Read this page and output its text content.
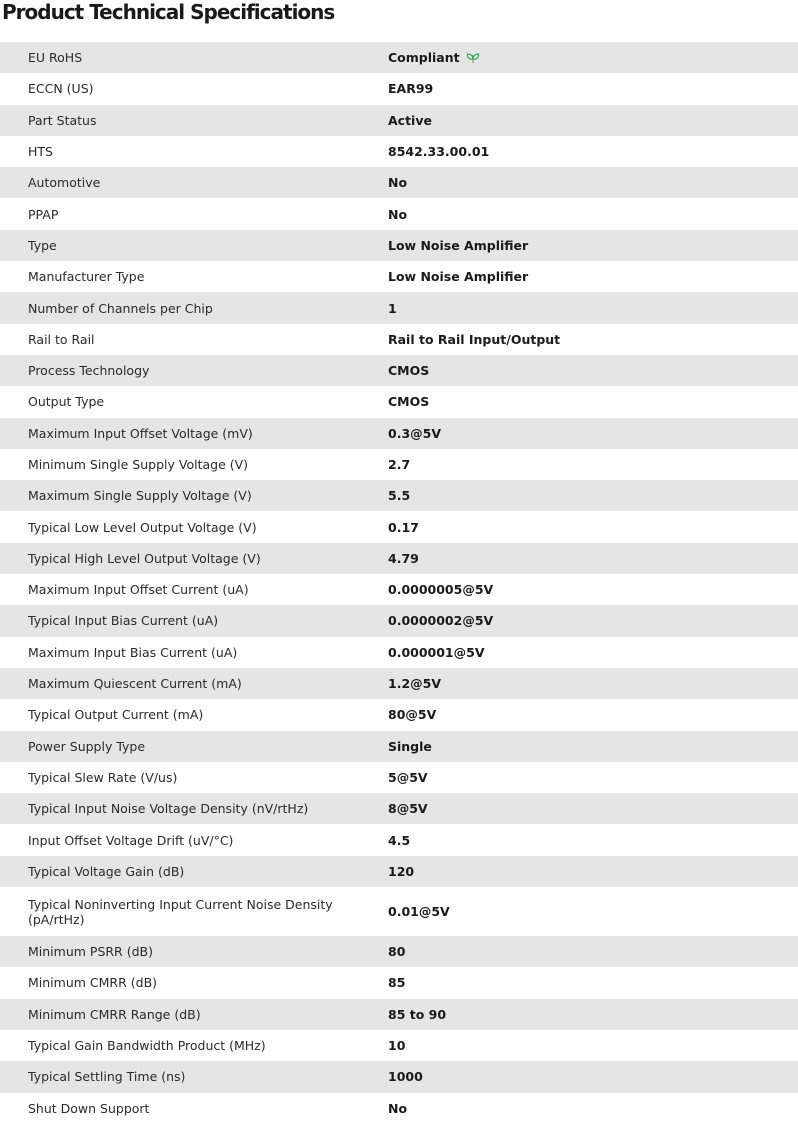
Product Technical Specifications
EU RoHS	Compliant
ECCN (US)	EAR99
Part Status	Active
HTS	8542.33.00.01
Automotive	No
PPAP	No
Type	Low Noise Amplifier
Manufacturer Type	Low Noise Amplifier
Number of Channels per Chip	1
Rail to Rail	Rail to Rail Input/Output
Process Technology	CMOS
Output Type	CMOS
Maximum Input Offset Voltage (mV)	0.3@5V
Minimum Single Supply Voltage (V)	2.7
Maximum Single Supply Voltage (V)	5.5
Typical Low Level Output Voltage (V)	0.17
Typical High Level Output Voltage (V)	4.79
Maximum Input Offset Current (uA)	0.0000005@5V
Typical Input Bias Current (uA)	0.0000002@5V
Maximum Input Bias Current (uA)	0.000001@5V
Maximum Quiescent Current (mA)	1.2@5V
Typical Output Current (mA)	80@5V
Power Supply Type	Single
Typical Slew Rate (V/us)	5@5V
Typical Input Noise Voltage Density (nV/rtHz)	8@5V
Input Offset Voltage Drift (uV/°C)	4.5
Typical Voltage Gain (dB)	120
Typical Noninverting Input Current Noise Density (pA/rtHz)	0.01@5V
Minimum PSRR (dB)	80
Minimum CMRR (dB)	85
Minimum CMRR Range (dB)	85 to 90
Typical Gain Bandwidth Product (MHz)	10
Typical Settling Time (ns)	1000
Shut Down Support	No
